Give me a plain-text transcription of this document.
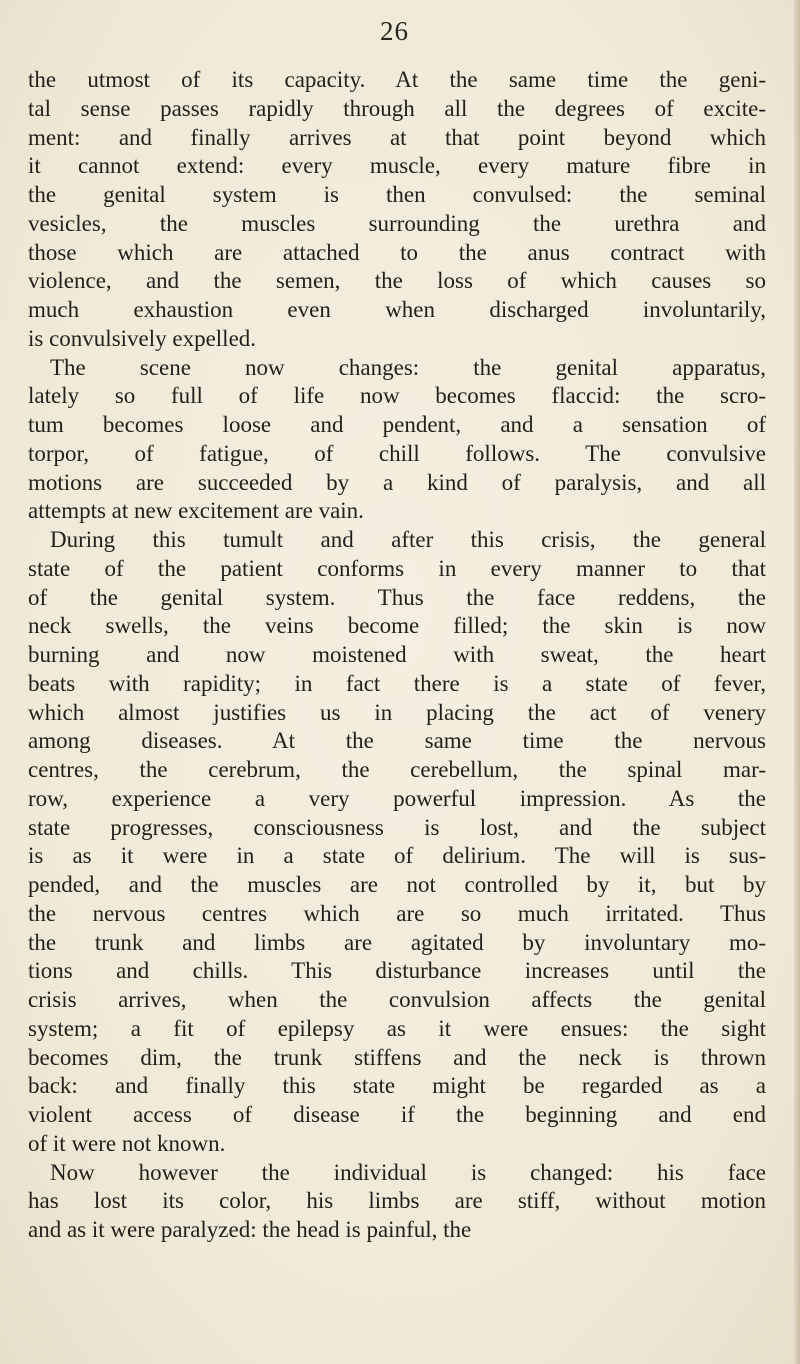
26
the utmost of its capacity. At the same time the geni-
tal sense passes rapidly through all the degrees of excite-
ment: and finally arrives at that point beyond which
it cannot extend: every muscle, every mature fibre in
the genital system is then convulsed: the seminal
vesicles, the muscles surrounding the urethra and
those which are attached to the anus contract with
violence, and the semen, the loss of which causes so
much exhaustion even when discharged involuntarily,
is convulsively expelled.
The scene now changes: the genital apparatus,
lately so full of life now becomes flaccid: the scro-
tum becomes loose and pendent, and a sensation of
torpor, of fatigue, of chill follows. The convulsive
motions are succeeded by a kind of paralysis, and all
attempts at new excitement are vain.
During this tumult and after this crisis, the general
state of the patient conforms in every manner to that
of the genital system. Thus the face reddens, the
neck swells, the veins become filled; the skin is now
burning and now moistened with sweat, the heart
beats with rapidity; in fact there is a state of fever,
which almost justifies us in placing the act of venery
among diseases. At the same time the nervous
centres, the cerebrum, the cerebellum, the spinal mar-
row, experience a very powerful impression. As the
state progresses, consciousness is lost, and the subject
is as it were in a state of delirium. The will is sus-
pended, and the muscles are not controlled by it, but by
the nervous centres which are so much irritated. Thus
the trunk and limbs are agitated by involuntary mo-
tions and chills. This disturbance increases until the
crisis arrives, when the convulsion affects the genital
system; a fit of epilepsy as it were ensues: the sight
becomes dim, the trunk stiffens and the neck is thrown
back: and finally this state might be regarded as a
violent access of disease if the beginning and end
of it were not known.
Now however the individual is changed: his face
has lost its color, his limbs are stiff, without motion
and as it were paralyzed: the head is painful, the
